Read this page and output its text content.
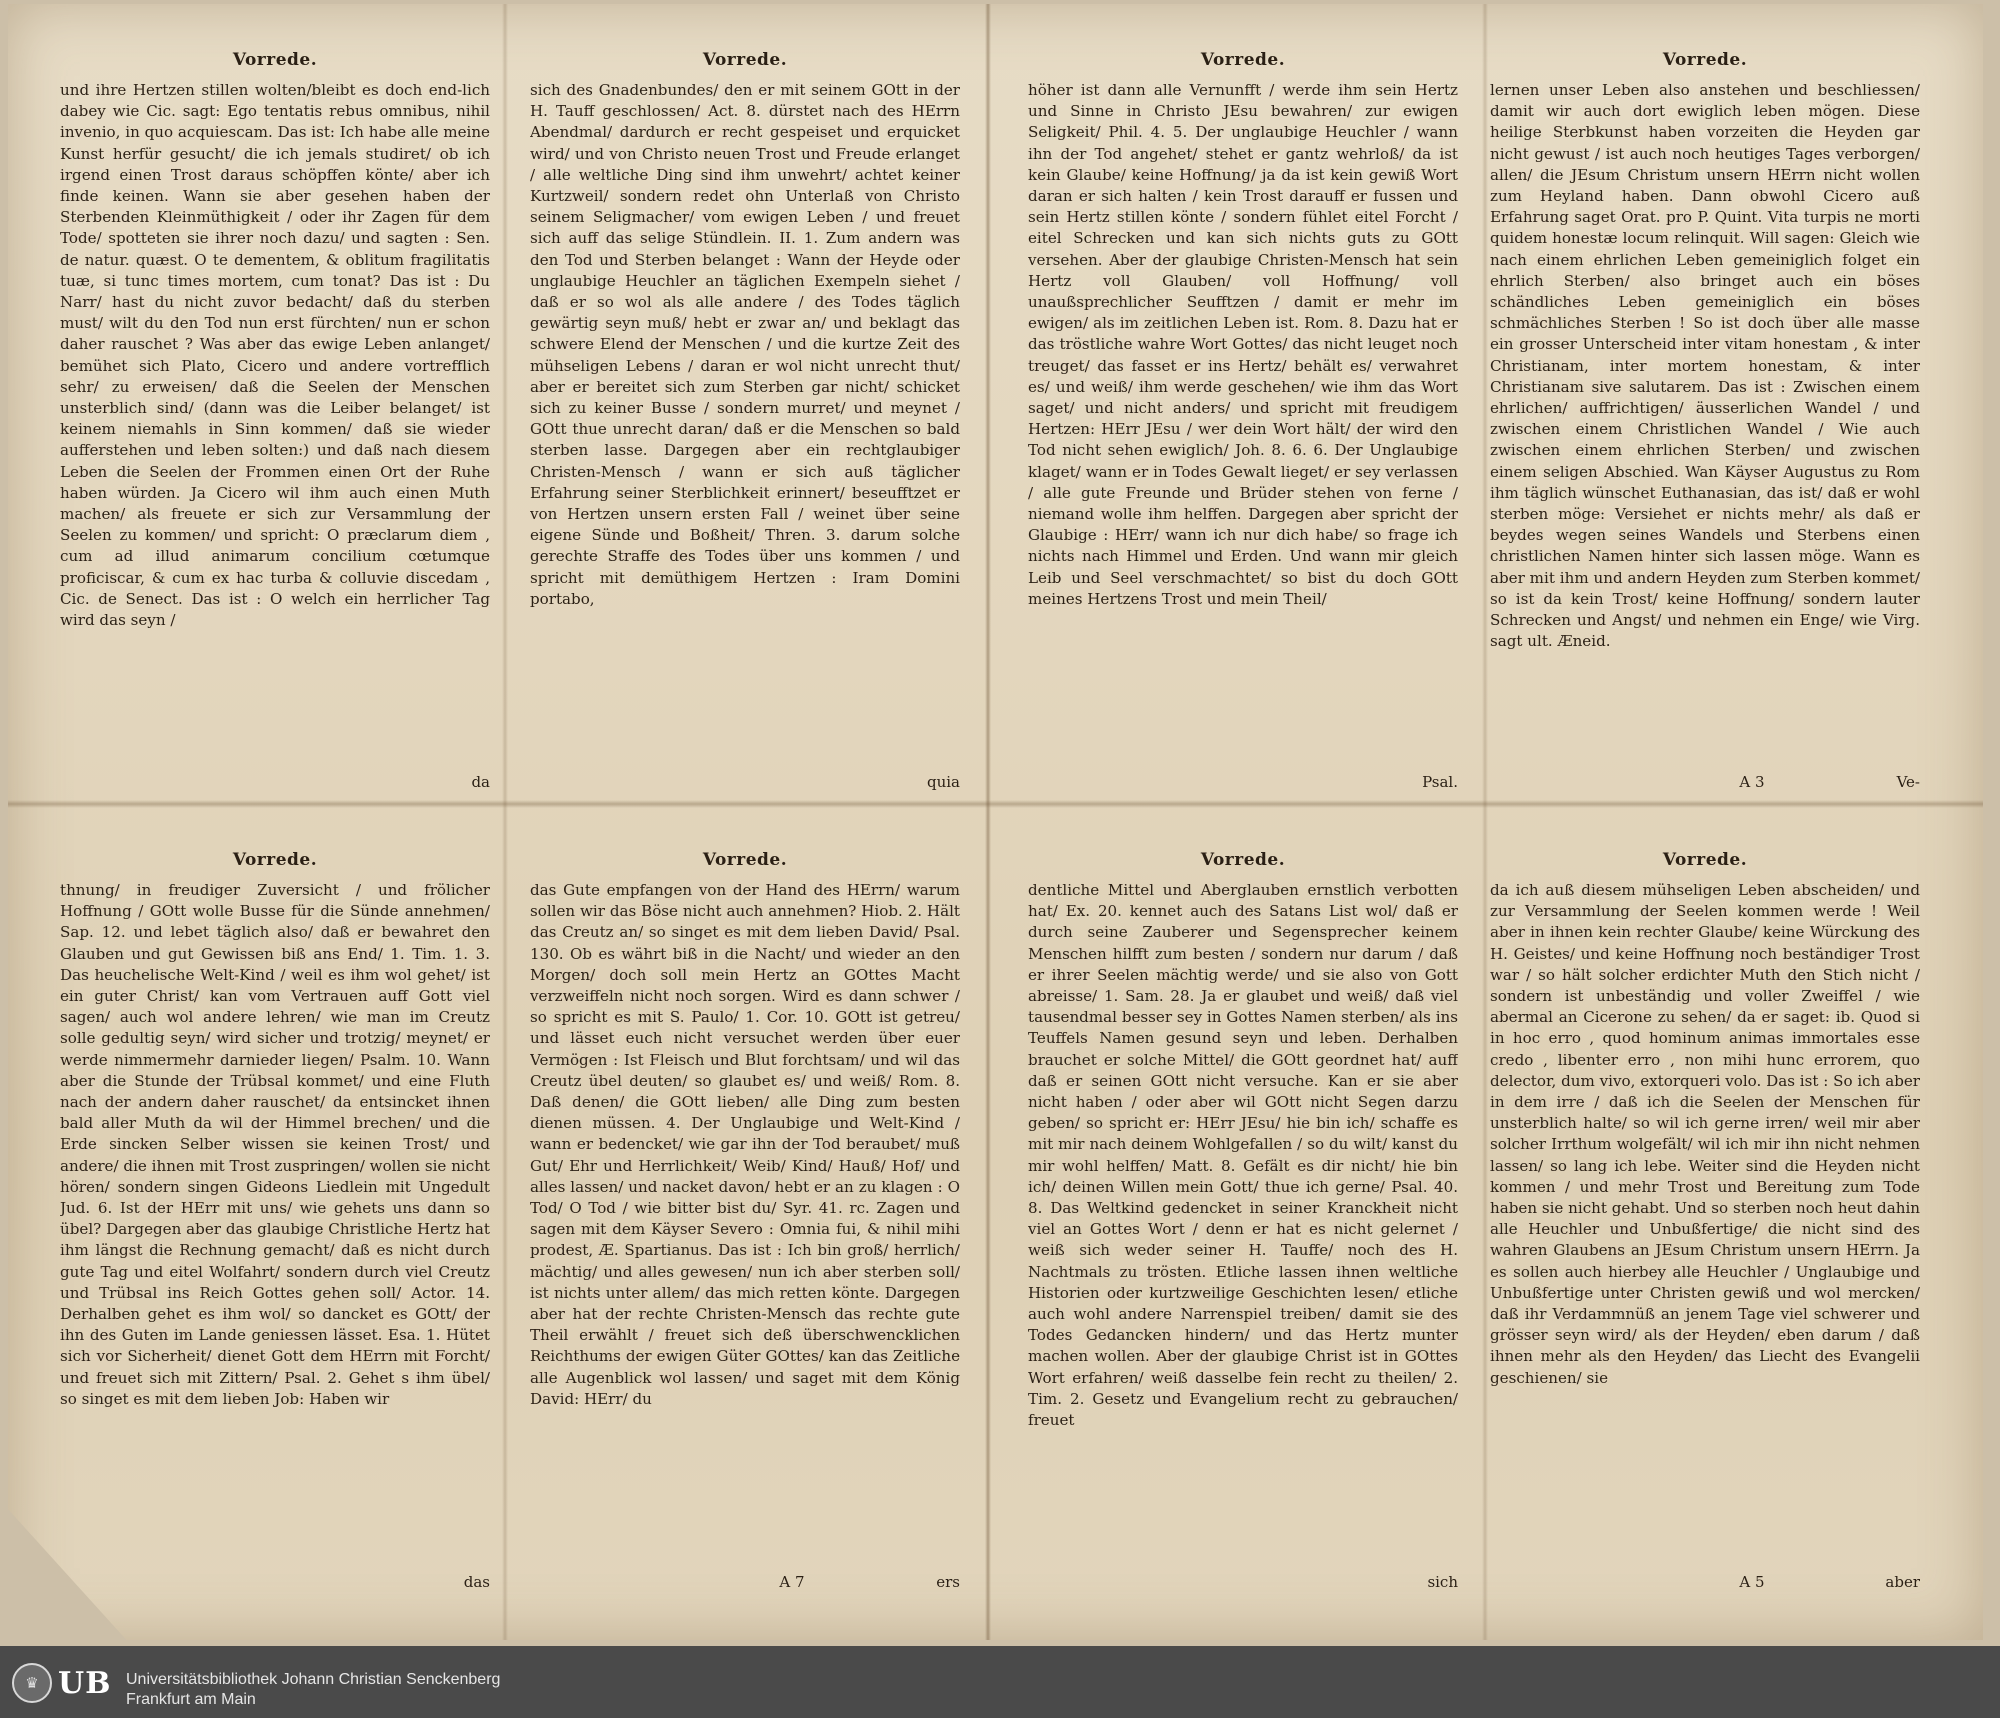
Vorrede.

und ihre Hertzen stillen wolten/bleibt es doch end-lich dabey wie Cic. sagt: Ego tentatis rebus omnibus, nihil invenio, in quo acquiescam. Das ist: Ich habe alle meine Kunst herfür gesucht/ die ich jemals studiret/ ob ich irgend einen Trost daraus schöpffen könte/ aber ich finde keinen. Wann sie aber gesehen haben der Sterbenden Kleinmüthigkeit / oder ihr Zagen für dem Tode/ spotteten sie ihrer noch dazu/ und sagten : Sen. de natur. quæst. O te dementem, & oblitum fragilitatis tuæ, si tunc times mortem, cum tonat? Das ist : Du Narr/ hast du nicht zuvor bedacht/ daß du sterben must/ wilt du den Tod nun erst fürchten/ nun er schon daher rauschet ? Was aber das ewige Leben anlanget/ bemühet sich Plato, Cicero und andere vortrefflich sehr/ zu erweisen/ daß die Seelen der Menschen unsterblich sind/ (dann was die Leiber belanget/ ist keinem niemahls in Sinn kommen/ daß sie wieder aufferstehen und leben solten:) und daß nach diesem Leben die Seelen der Frommen einen Ort der Ruhe haben würden. Ja Cicero wil ihm auch einen Muth machen/ als freuete er sich zur Versammlung der Seelen zu kommen/ und spricht: O præclarum diem , cum ad illud animarum concilium cœtumque proficiscar, & cum ex hac turba & colluvie discedam , Cic. de Senect. Das ist : O welch ein herrlicher Tag wird das seyn /

da
Vorrede.

sich des Gnadenbundes/ den er mit seinem GOtt in der H. Tauff geschlossen/ Act. 8. dürstet nach des HErrn Abendmal/ dardurch er recht gespeiset und erquicket wird/ und von Christo neuen Trost und Freude erlanget / alle weltliche Ding sind ihm unwehrt/ achtet keiner Kurtzweil/ sondern redet ohn Unterlaß von Christo seinem Seligmacher/ vom ewigen Leben / und freuet sich auff das selige Stündlein. II. 1. Zum andern was den Tod und Sterben belanget : Wann der Heyde oder unglaubige Heuchler an täglichen Exempeln siehet / daß er so wol als alle andere / des Todes täglich gewärtig seyn muß/ hebt er zwar an/ und beklagt das schwere Elend der Menschen / und die kurtze Zeit des mühseligen Lebens / daran er wol nicht unrecht thut/ aber er bereitet sich zum Sterben gar nicht/ schicket sich zu keiner Busse / sondern murret/ und meynet / GOtt thue unrecht daran/ daß er die Menschen so bald sterben lasse. Dargegen aber ein rechtglaubiger Christen-Mensch / wann er sich auß täglicher Erfahrung seiner Sterblichkeit erinnert/ beseufftzet er von Hertzen unsern ersten Fall / weinet über seine eigene Sünde und Boßheit/ Thren. 3. darum solche gerechte Straffe des Todes über uns kommen / und spricht mit demüthigem Hertzen : Iram Domini portabo,

quia
Vorrede.

höher ist dann alle Vernunfft / werde ihm sein Hertz und Sinne in Christo JEsu bewahren/ zur ewigen Seligkeit/ Phil. 4. 5. Der unglaubige Heuchler / wann ihn der Tod angehet/ stehet er gantz wehrloß/ da ist kein Glaube/ keine Hoffnung/ ja da ist kein gewiß Wort daran er sich halten / kein Trost darauff er fussen und sein Hertz stillen könte / sondern fühlet eitel Forcht / eitel Schrecken und kan sich nichts guts zu GOtt versehen. Aber der glaubige Christen-Mensch hat sein Hertz voll Glauben/ voll Hoffnung/ voll unaußsprechlicher Seufftzen / damit er mehr im ewigen/ als im zeitlichen Leben ist. Rom. 8. Dazu hat er das tröstliche wahre Wort Gottes/ das nicht leuget noch treuget/ das fasset er ins Hertz/ behält es/ verwahret es/ und weiß/ ihm werde geschehen/ wie ihm das Wort saget/ und nicht anders/ und spricht mit freudigem Hertzen: HErr JEsu / wer dein Wort hält/ der wird den Tod nicht sehen ewiglich/ Joh. 8. 6. 6. Der Unglaubige klaget/ wann er in Todes Gewalt lieget/ er sey verlassen / alle gute Freunde und Brüder stehen von ferne / niemand wolle ihm helffen. Dargegen aber spricht der Glaubige : HErr/ wann ich nur dich habe/ so frage ich nichts nach Himmel und Erden. Und wann mir gleich Leib und Seel verschmachtet/ so bist du doch GOtt meines Hertzens Trost und mein Theil/

Psal.
Vorrede.

lernen unser Leben also anstehen und beschliessen/ damit wir auch dort ewiglich leben mögen. Diese heilige Sterbkunst haben vorzeiten die Heyden gar nicht gewust / ist auch noch heutiges Tages verborgen/ allen/ die JEsum Christum unsern HErrn nicht wollen zum Heyland haben. Dann obwohl Cicero auß Erfahrung saget Orat. pro P. Quint. Vita turpis ne morti quidem honestæ locum relinquit. Will sagen: Gleich wie nach einem ehrlichen Leben gemeiniglich folget ein ehrlich Sterben/ also bringet auch ein böses schändliches Leben gemeiniglich ein böses schmächliches Sterben ! So ist doch über alle masse ein grosser Unterscheid inter vitam honestam , & inter Christianam, inter mortem honestam, & inter Christianam sive salutarem. Das ist : Zwischen einem ehrlichen/ auffrichtigen/ äusserlichen Wandel / und zwischen einem Christlichen Wandel / Wie auch zwischen einem ehrlichen Sterben/ und zwischen einem seligen Abschied. Wan Käyser Augustus zu Rom ihm täglich wünschet Euthanasian, das ist/ daß er wohl sterben möge: Versiehet er nichts mehr/ als daß er beydes wegen seines Wandels und Sterbens einen christlichen Namen hinter sich lassen möge. Wann es aber mit ihm und andern Heyden zum Sterben kommet/ so ist da kein Trost/ keine Hoffnung/ sondern lauter Schrecken und Angst/ und nehmen ein Enge/ wie Virg. sagt ult. Æneid.

A 3	Ve-
Vorrede.

thnung/ in freudiger Zuversicht / und frölicher Hoffnung / GOtt wolle Busse für die Sünde annehmen/ Sap. 12. und lebet täglich also/ daß er bewahret den Glauben und gut Gewissen biß ans End/ 1. Tim. 1. 3. Das heuchelische Welt-Kind / weil es ihm wol gehet/ ist ein guter Christ/ kan vom Vertrauen auff Gott viel sagen/ auch wol andere lehren/ wie man im Creutz solle gedultig seyn/ wird sicher und trotzig/ meynet/ er werde nimmermehr darnieder liegen/ Psalm. 10. Wann aber die Stunde der Trübsal kommet/ und eine Fluth nach der andern daher rauschet/ da entsincket ihnen bald aller Muth da wil der Himmel brechen/ und die Erde sincken Selber wissen sie keinen Trost/ und andere/ die ihnen mit Trost zuspringen/ wollen sie nicht hören/ sondern singen Gideons Liedlein mit Ungedult Jud. 6. Ist der HErr mit uns/ wie gehets uns dann so übel? Dargegen aber das glaubige Christliche Hertz hat ihm längst die Rechnung gemacht/ daß es nicht durch gute Tag und eitel Wolfahrt/ sondern durch viel Creutz und Trübsal ins Reich Gottes gehen soll/ Actor. 14. Derhalben gehet es ihm wol/ so dancket es GOtt/ der ihn des Guten im Lande geniessen lässet. Esa. 1. Hütet sich vor Sicherheit/ dienet Gott dem HErrn mit Forcht/ und freuet sich mit Zittern/ Psal. 2. Gehet s ihm übel/ so singet es mit dem lieben Job: Haben wir

das
Vorrede.

das Gute empfangen von der Hand des HErrn/ warum sollen wir das Böse nicht auch annehmen? Hiob. 2. Hält das Creutz an/ so singet es mit dem lieben David/ Psal. 130. Ob es währt biß in die Nacht/ und wieder an den Morgen/ doch soll mein Hertz an GOttes Macht verzweiffeln nicht noch sorgen. Wird es dann schwer / so spricht es mit S. Paulo/ 1. Cor. 10. GOtt ist getreu/ und lässet euch nicht versuchet werden über euer Vermögen : Ist Fleisch und Blut forchtsam/ und wil das Creutz übel deuten/ so glaubet es/ und weiß/ Rom. 8. Daß denen/ die GOtt lieben/ alle Ding zum besten dienen müssen. 4. Der Unglaubige und Welt-Kind / wann er bedencket/ wie gar ihn der Tod beraubet/ muß Gut/ Ehr und Herrlichkeit/ Weib/ Kind/ Hauß/ Hof/ und alles lassen/ und nacket davon/ hebt er an zu klagen : O Tod/ O Tod / wie bitter bist du/ Syr. 41. rc. Zagen und sagen mit dem Käyser Severo : Omnia fui, & nihil mihi prodest, Æ. Spartianus. Das ist : Ich bin groß/ herrlich/ mächtig/ und alles gewesen/ nun ich aber sterben soll/ ist nichts unter allem/ das mich retten könte. Dargegen aber hat der rechte Christen-Mensch das rechte gute Theil erwählt / freuet sich deß überschwencklichen Reichthums der ewigen Güter GOttes/ kan das Zeitliche alle Augenblick wol lassen/ und saget mit dem König David: HErr/ du

A 7	ers
Vorrede.

dentliche Mittel und Aberglauben ernstlich verbotten hat/ Ex. 20. kennet auch des Satans List wol/ daß er durch seine Zauberer und Segensprecher keinem Menschen hilfft zum besten / sondern nur darum / daß er ihrer Seelen mächtig werde/ und sie also von Gott abreisse/ 1. Sam. 28. Ja er glaubet und weiß/ daß viel tausendmal besser sey in Gottes Namen sterben/ als ins Teuffels Namen gesund seyn und leben. Derhalben brauchet er solche Mittel/ die GOtt geordnet hat/ auff daß er seinen GOtt nicht versuche. Kan er sie aber nicht haben / oder aber wil GOtt nicht Segen darzu geben/ so spricht er: HErr JEsu/ hie bin ich/ schaffe es mit mir nach deinem Wohlgefallen / so du wilt/ kanst du mir wohl helffen/ Matt. 8. Gefält es dir nicht/ hie bin ich/ deinen Willen mein Gott/ thue ich gerne/ Psal. 40. 8. Das Weltkind gedencket in seiner Kranckheit nicht viel an Gottes Wort / denn er hat es nicht gelernet / weiß sich weder seiner H. Tauffe/ noch des H. Nachtmals zu trösten. Etliche lassen ihnen weltliche Historien oder kurtzweilige Geschichten lesen/ etliche auch wohl andere Narrenspiel treiben/ damit sie des Todes Gedancken hindern/ und das Hertz munter machen wollen. Aber der glaubige Christ ist in GOttes Wort erfahren/ weiß dasselbe fein recht zu theilen/ 2. Tim. 2. Gesetz und Evangelium recht zu gebrauchen/ freuet

sich
Vorrede.

da ich auß diesem mühseligen Leben abscheiden/ und zur Versammlung der Seelen kommen werde ! Weil aber in ihnen kein rechter Glaube/ keine Würckung des H. Geistes/ und keine Hoffnung noch beständiger Trost war / so hält solcher erdichter Muth den Stich nicht / sondern ist unbeständig und voller Zweiffel / wie abermal an Cicerone zu sehen/ da er saget: ib. Quod si in hoc erro , quod hominum animas immortales esse credo , libenter erro , non mihi hunc errorem, quo delector, dum vivo, extorqueri volo. Das ist : So ich aber in dem irre / daß ich die Seelen der Menschen für unsterblich halte/ so wil ich gerne irren/ weil mir aber solcher Irrthum wolgefält/ wil ich mir ihn nicht nehmen lassen/ so lang ich lebe. Weiter sind die Heyden nicht kommen / und mehr Trost und Bereitung zum Tode haben sie nicht gehabt. Und so sterben noch heut dahin alle Heuchler und Unbußfertige/ die nicht sind des wahren Glaubens an JEsum Christum unsern HErrn. Ja es sollen auch hierbey alle Heuchler / Unglaubige und Unbußfertige unter Christen gewiß und wol mercken/ daß ihr Verdammnüß an jenem Tage viel schwerer und grösser seyn wird/ als der Heyden/ eben darum / daß ihnen mehr als den Heyden/ das Liecht des Evangelii geschienen/ sie

A 5	aber
♛ UB Universitätsbibliothek Johann Christian Senckenberg
Frankfurt am Main
